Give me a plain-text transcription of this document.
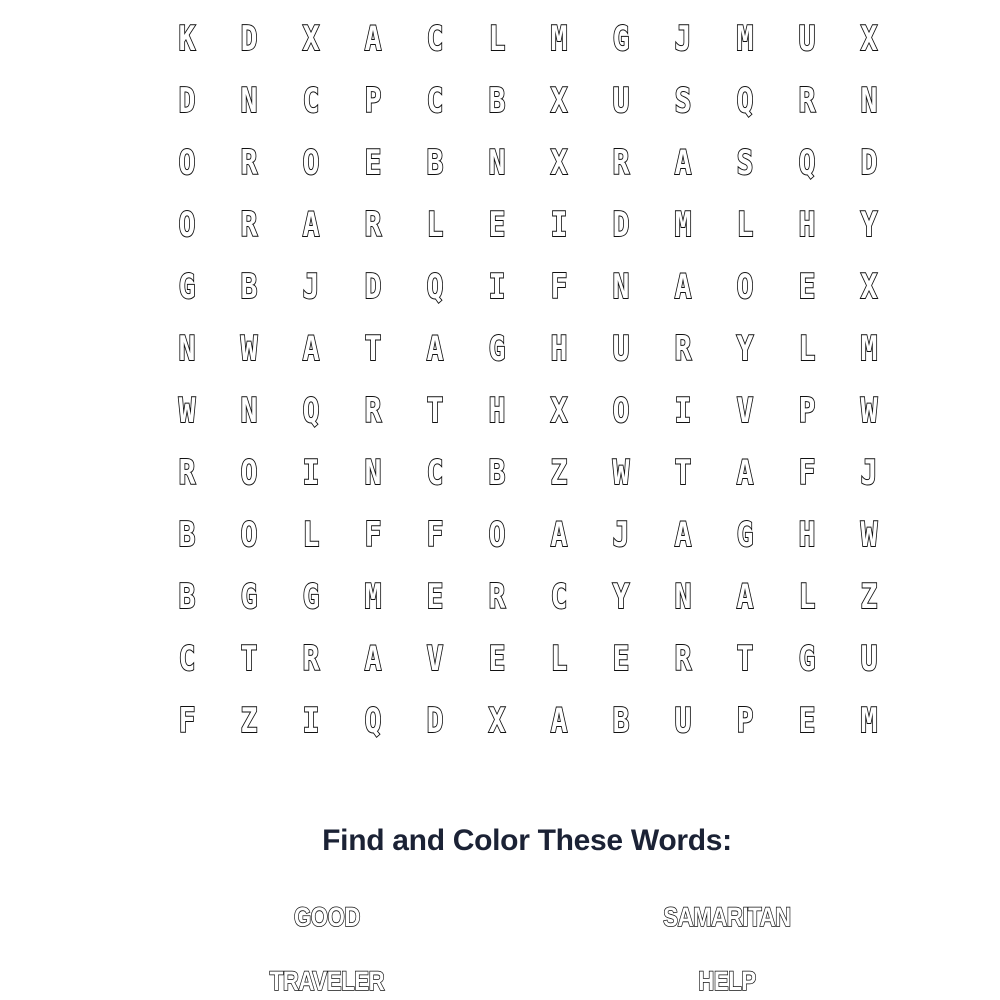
K	D	X	A	C	L	M	G	J	M	U	X
D	N	C	P	C	B	X	U	S	Q	R	N
O	R	O	E	B	N	X	R	A	S	Q	D
O	R	A	R	L	E	I	D	M	L	H	Y
G	B	J	D	Q	I	F	N	A	O	E	X
N	W	A	T	A	G	H	U	R	Y	L	M
W	N	Q	R	T	H	X	O	I	V	P	W
R	O	I	N	C	B	Z	W	T	A	F	J
B	O	L	F	F	O	A	J	A	G	H	W
B	G	G	M	E	R	C	Y	N	A	L	Z
C	T	R	A	V	E	L	E	R	T	G	U
F	Z	I	Q	D	X	A	B	U	P	E	M
Find and Color These Words:
GOOD	SAMARITAN
TRAVELER	HELP
